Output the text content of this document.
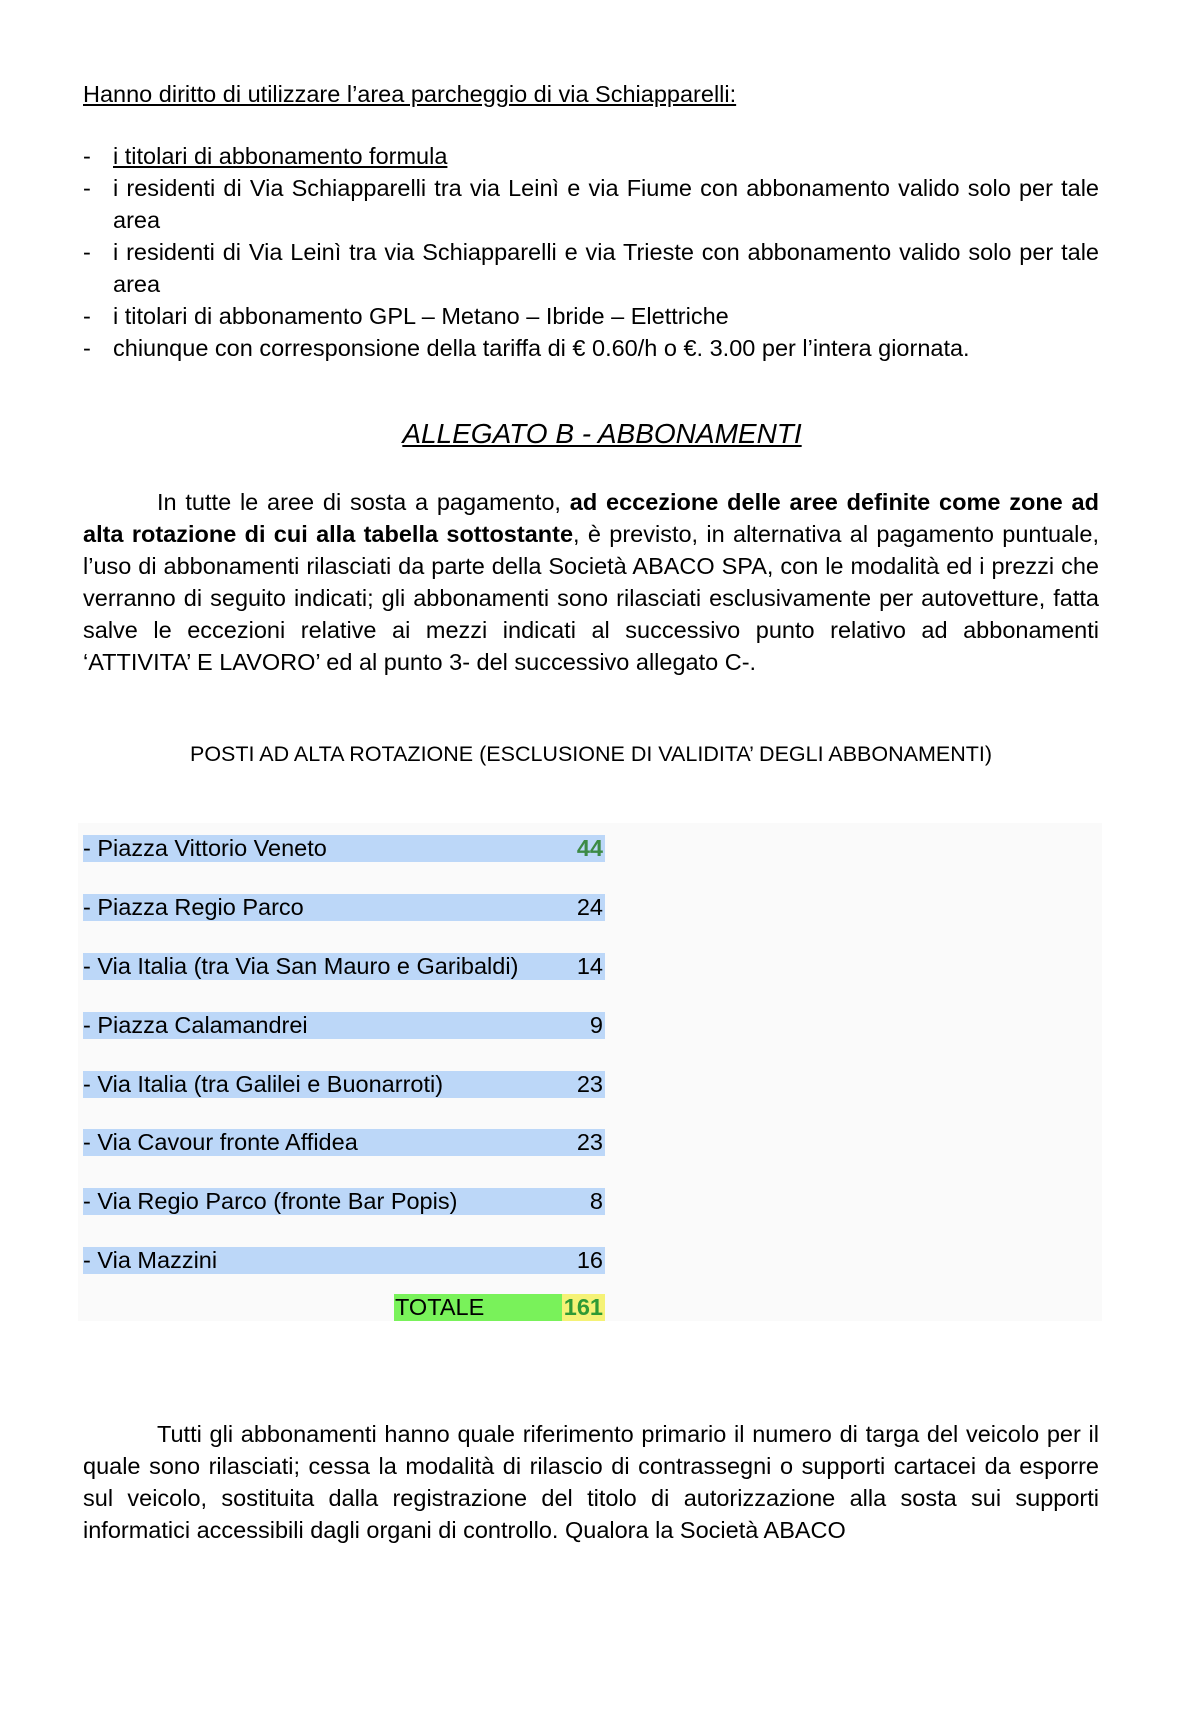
Hanno diritto di utilizzare l’area parcheggio di via Schiapparelli:

- i titolari di abbonamento formula
- i residenti di Via Schiapparelli tra via Leinì e via Fiume con abbonamento valido solo per tale area
- i residenti di Via Leinì tra via Schiapparelli e via Trieste con abbonamento valido solo per tale area
- i titolari di abbonamento GPL – Metano – Ibride – Elettriche
- chiunque con corresponsione della tariffa di € 0.60/h o €. 3.00 per l’intera giornata.
ALLEGATO B - ABBONAMENTI

In tutte le aree di sosta a pagamento, ad eccezione delle aree definite come zone ad alta rotazione di cui alla tabella sottostante, è previsto, in alternativa al pagamento puntuale, l’uso di abbonamenti rilasciati da parte della Società ABACO SPA, con le modalità ed i prezzi che verranno di seguito indicati; gli abbonamenti sono rilasciati esclusivamente per autovetture, fatta salve le eccezioni relative ai mezzi indicati al successivo punto relativo ad abbonamenti ‘ATTIVITA’ E LAVORO’ ed al punto 3- del successivo allegato C-.

POSTI AD ALTA ROTAZIONE (ESCLUSIONE DI VALIDITA’ DEGLI ABBONAMENTI)

- Piazza Vittorio Veneto	44
- Piazza Regio Parco	24
- Via Italia (tra Via San Mauro e Garibaldi) 14
- Piazza Calamandrei	9
- Via Italia (tra Galilei e Buonarroti)	23
- Via Cavour fronte Affidea	23
- Via Regio Parco (fronte Bar Popis)	8
- Via Mazzini	16
TOTALE	161

Tutti gli abbonamenti hanno quale riferimento primario il numero di targa del veicolo per il quale sono rilasciati; cessa la modalità di rilascio di contrassegni o supporti cartacei da esporre sul veicolo, sostituita dalla registrazione del titolo di autorizzazione alla sosta sui supporti informatici accessibili dagli organi di controllo. Qualora la Società ABACO
